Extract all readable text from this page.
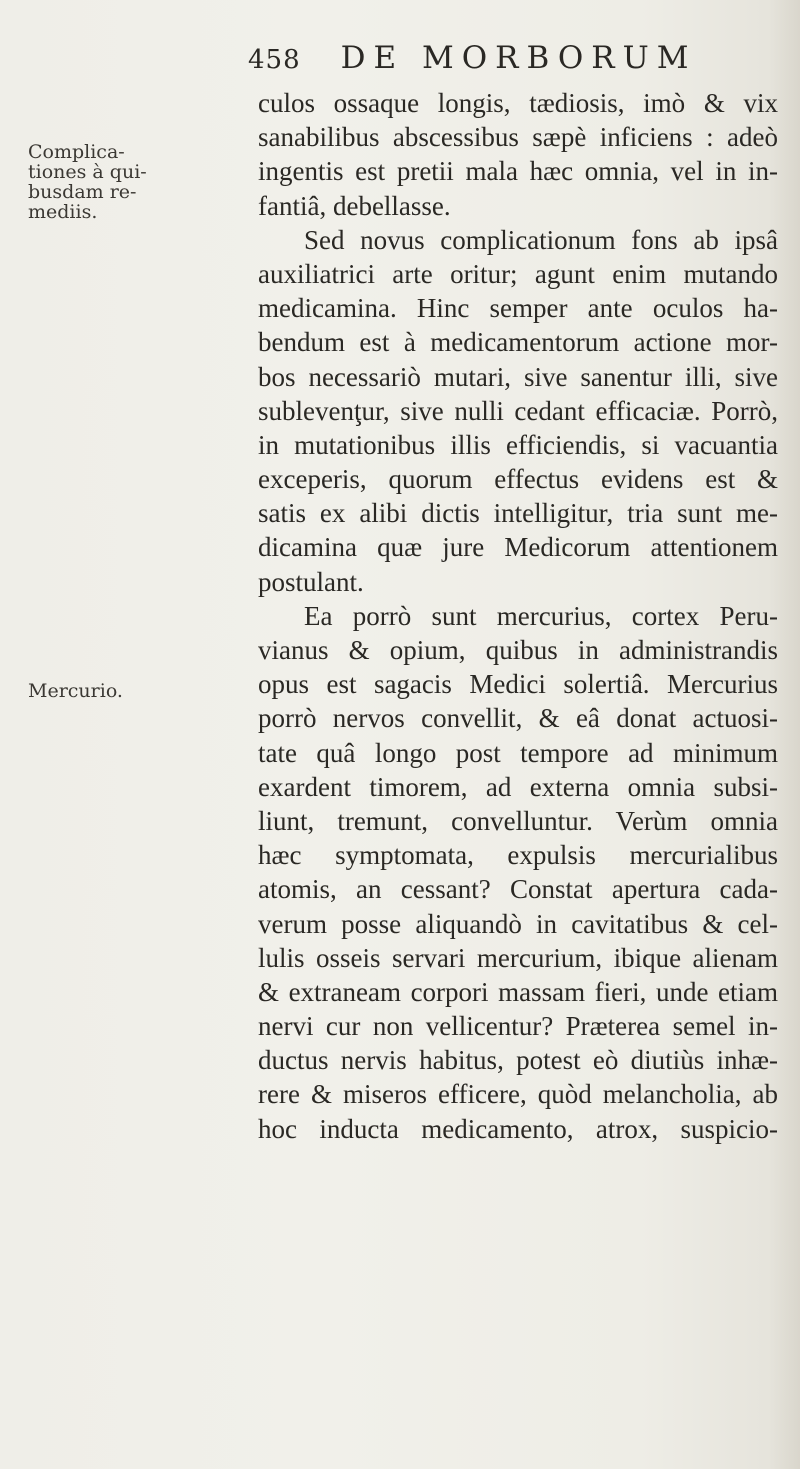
458 DE MORBORUM
Complica-
tiones à qui-
busdam re-
mediis.
Mercurio.
culos ossaque longis, tædiosis, imò & vix
sanabilibus abscessibus sæpè inficiens : adeò
ingentis est pretii mala hæc omnia, vel in in-
fantiâ, debellasse.
Sed novus complicationum fons ab ipsâ
auxiliatrici arte oritur; agunt enim mutando
medicamina. Hinc semper ante oculos ha-
bendum est à medicamentorum actione mor-
bos necessariò mutari, sive sanentur illi, sive
sublevenţur, sive nulli cedant efficaciæ. Porrò,
in mutationibus illis efficiendis, si vacuantia
exceperis, quorum effectus evidens est &
satis ex alibi dictis intelligitur, tria sunt me-
dicamina quæ jure Medicorum attentionem
postulant.
Ea porrò sunt mercurius, cortex Peru-
vianus & opium, quibus in administrandis
opus est sagacis Medici solertiâ. Mercurius
porrò nervos convellit, & eâ donat actuosi-
tate quâ longo post tempore ad minimum
exardent timorem, ad externa omnia subsi-
liunt, tremunt, convelluntur. Verùm omnia
hæc symptomata, expulsis mercurialibus
atomis, an cessant? Constat apertura cada-
verum posse aliquandò in cavitatibus & cel-
lulis osseis servari mercurium, ibique alienam
& extraneam corpori massam fieri, unde etiam
nervi cur non vellicentur? Præterea semel in-
ductus nervis habitus, potest eò diutiùs inhæ-
rere & miseros efficere, quòd melancholia, ab
hoc inducta medicamento, atrox, suspicio-
